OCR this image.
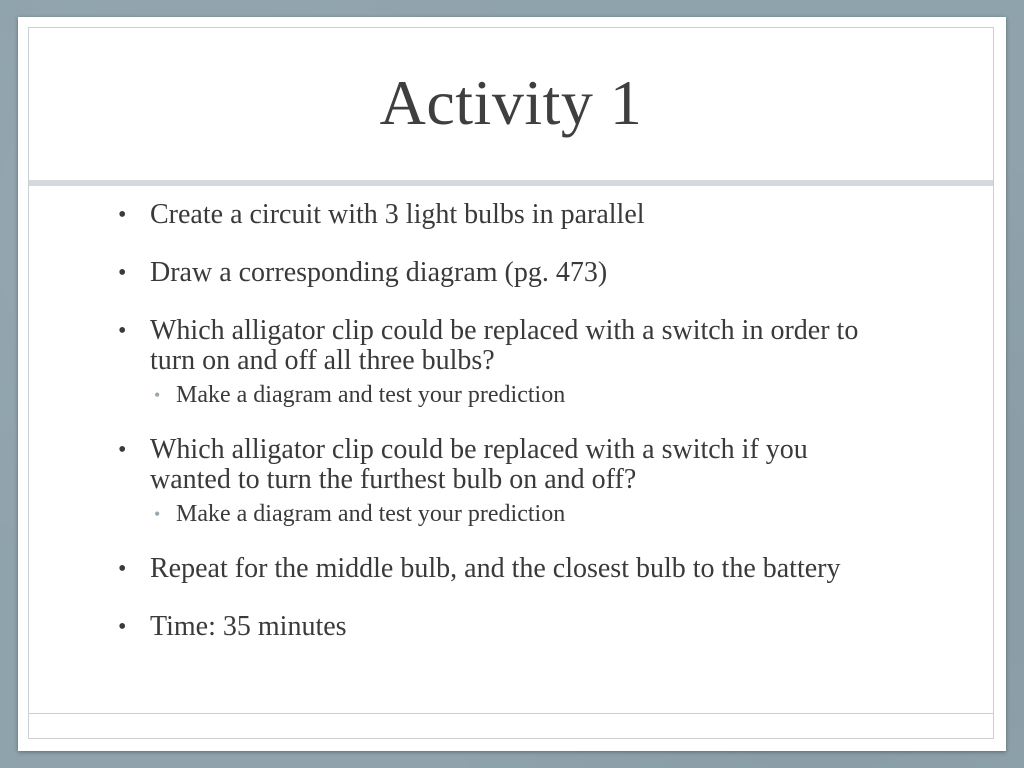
Activity 1
• Create a circuit with 3 light bulbs in parallel
• Draw a corresponding diagram (pg. 473)
• Which alligator clip could be replaced with a switch in order to turn on and off all three bulbs?
• Make a diagram and test your prediction
• Which alligator clip could be replaced with a switch if you wanted to turn the furthest bulb on and off?
• Make a diagram and test your prediction
• Repeat for the middle bulb, and the closest bulb to the battery
• Time: 35 minutes
